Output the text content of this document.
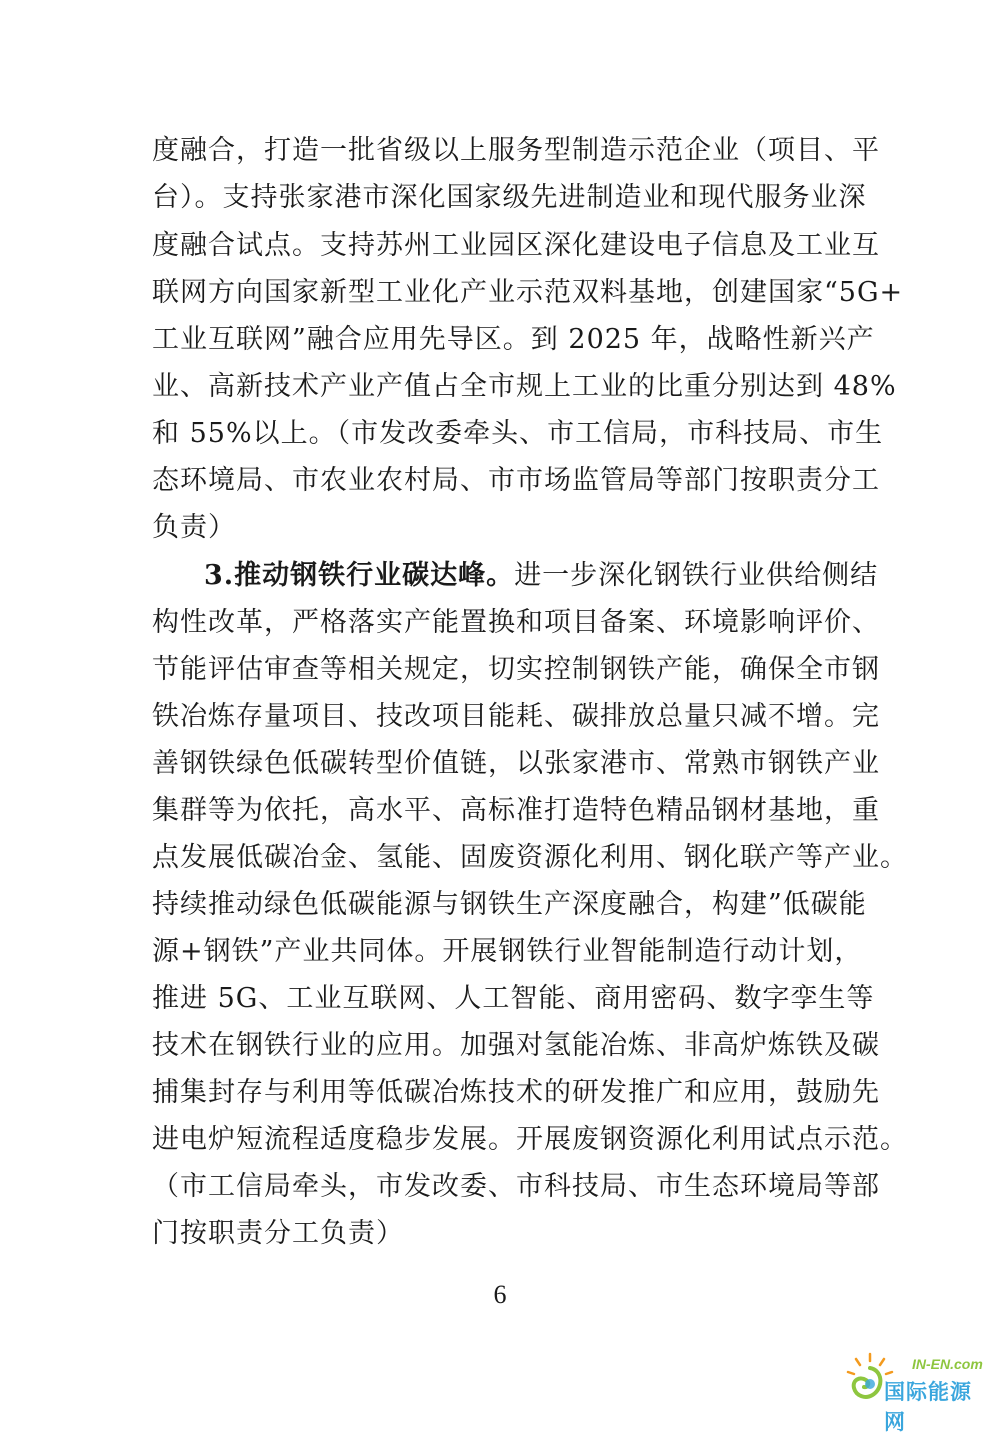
度融合，打造一批省级以上服务型制造示范企业（项目、平
台）。支持张家港市深化国家级先进制造业和现代服务业深
度融合试点。支持苏州工业园区深化建设电子信息及工业互
联网方向国家新型工业化产业示范双料基地，创建国家“5G+
工业互联网”融合应用先导区。到 2025 年，战略性新兴产
业、高新技术产业产值占全市规上工业的比重分别达到 48%
和 55%以上。（市发改委牵头、市工信局，市科技局、市生
态环境局、市农业农村局、市市场监管局等部门按职责分工
负责）
3.推动钢铁行业碳达峰。 进一步深化钢铁行业供给侧结
构性改革，严格落实产能置换和项目备案、环境影响评价、
节能评估审查等相关规定，切实控制钢铁产能，确保全市钢
铁冶炼存量项目、技改项目能耗、碳排放总量只减不增。完
善钢铁绿色低碳转型价值链，以张家港市、常熟市钢铁产业
集群等为依托，高水平、高标准打造特色精品钢材基地，重
点发展低碳冶金、氢能、固废资源化利用、钢化联产等产业。
持续推动绿色低碳能源与钢铁生产深度融合，构建”低碳能
源+钢铁”产业共同体。开展钢铁行业智能制造行动计划，
推进 5G、工业互联网、人工智能、商用密码、数字孪生等
技术在钢铁行业的应用。加强对氢能冶炼、非高炉炼铁及碳
捕集封存与利用等低碳冶炼技术的研发推广和应用，鼓励先
进电炉短流程适度稳步发展。开展废钢资源化利用试点示范。
（市工信局牵头，市发改委、市科技局、市生态环境局等部
门按职责分工负责）
6
IN-EN.com
国际能源网
